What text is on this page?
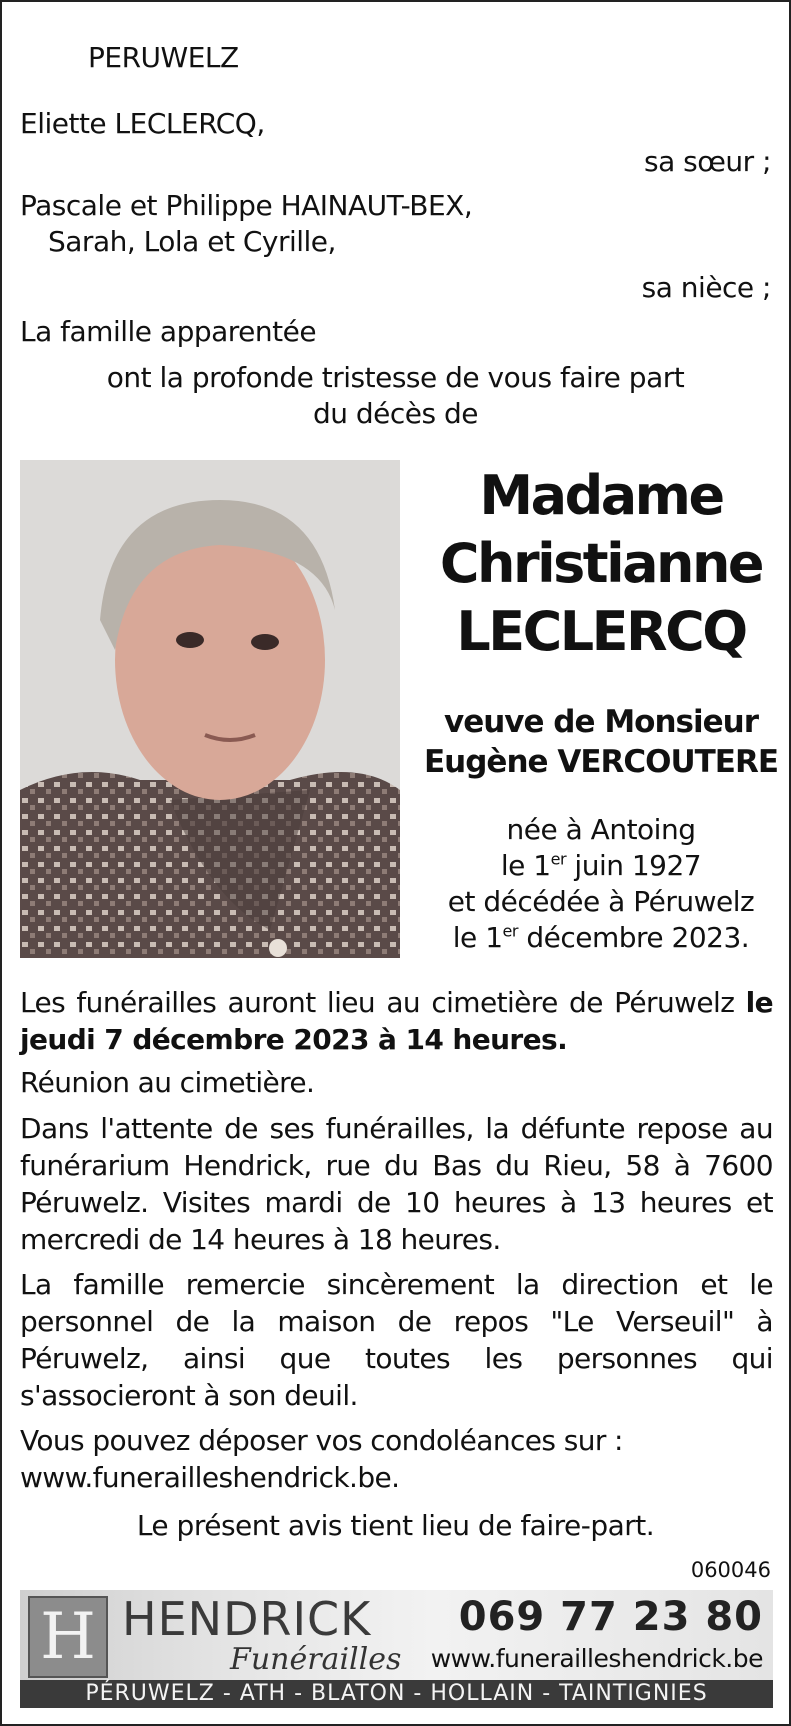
PERUWELZ
Eliette LECLERCQ,
sa sœur ;
Pascale et Philippe HAINAUT-BEX,
Sarah, Lola et Cyrille,
sa nièce ;
La famille apparentée
ont la profonde tristesse de vous faire part
du décès de
Madame
Christianne
LECLERCQ
veuve de Monsieur
Eugène VERCOUTERE
née à Antoing
le 1er juin 1927
et décédée à Péruwelz
le 1er décembre 2023.
Les funérailles auront lieu au cimetière de Péruwelz le jeudi 7 décembre 2023 à 14 heures.
Réunion au cimetière.
Dans l'attente de ses funérailles, la défunte repose au funérarium Hendrick, rue du Bas du Rieu, 58 à 7600 Péruwelz. Visites mardi de 10 heures à 13 heures et mercredi de 14 heures à 18 heures.
La famille remercie sincèrement la direction et le personnel de la maison de repos "Le Verseuil" à Péruwelz, ainsi que toutes les personnes qui s'associeront à son deuil.
Vous pouvez déposer vos condoléances sur : www.funerailleshendrick.be.
Le présent avis tient lieu de faire-part.
060046
H HENDRICK
Funérailles
069 77 23 80
www.funerailleshendrick.be
PÉRUWELZ - ATH - BLATON - HOLLAIN - TAINTIGNIES
